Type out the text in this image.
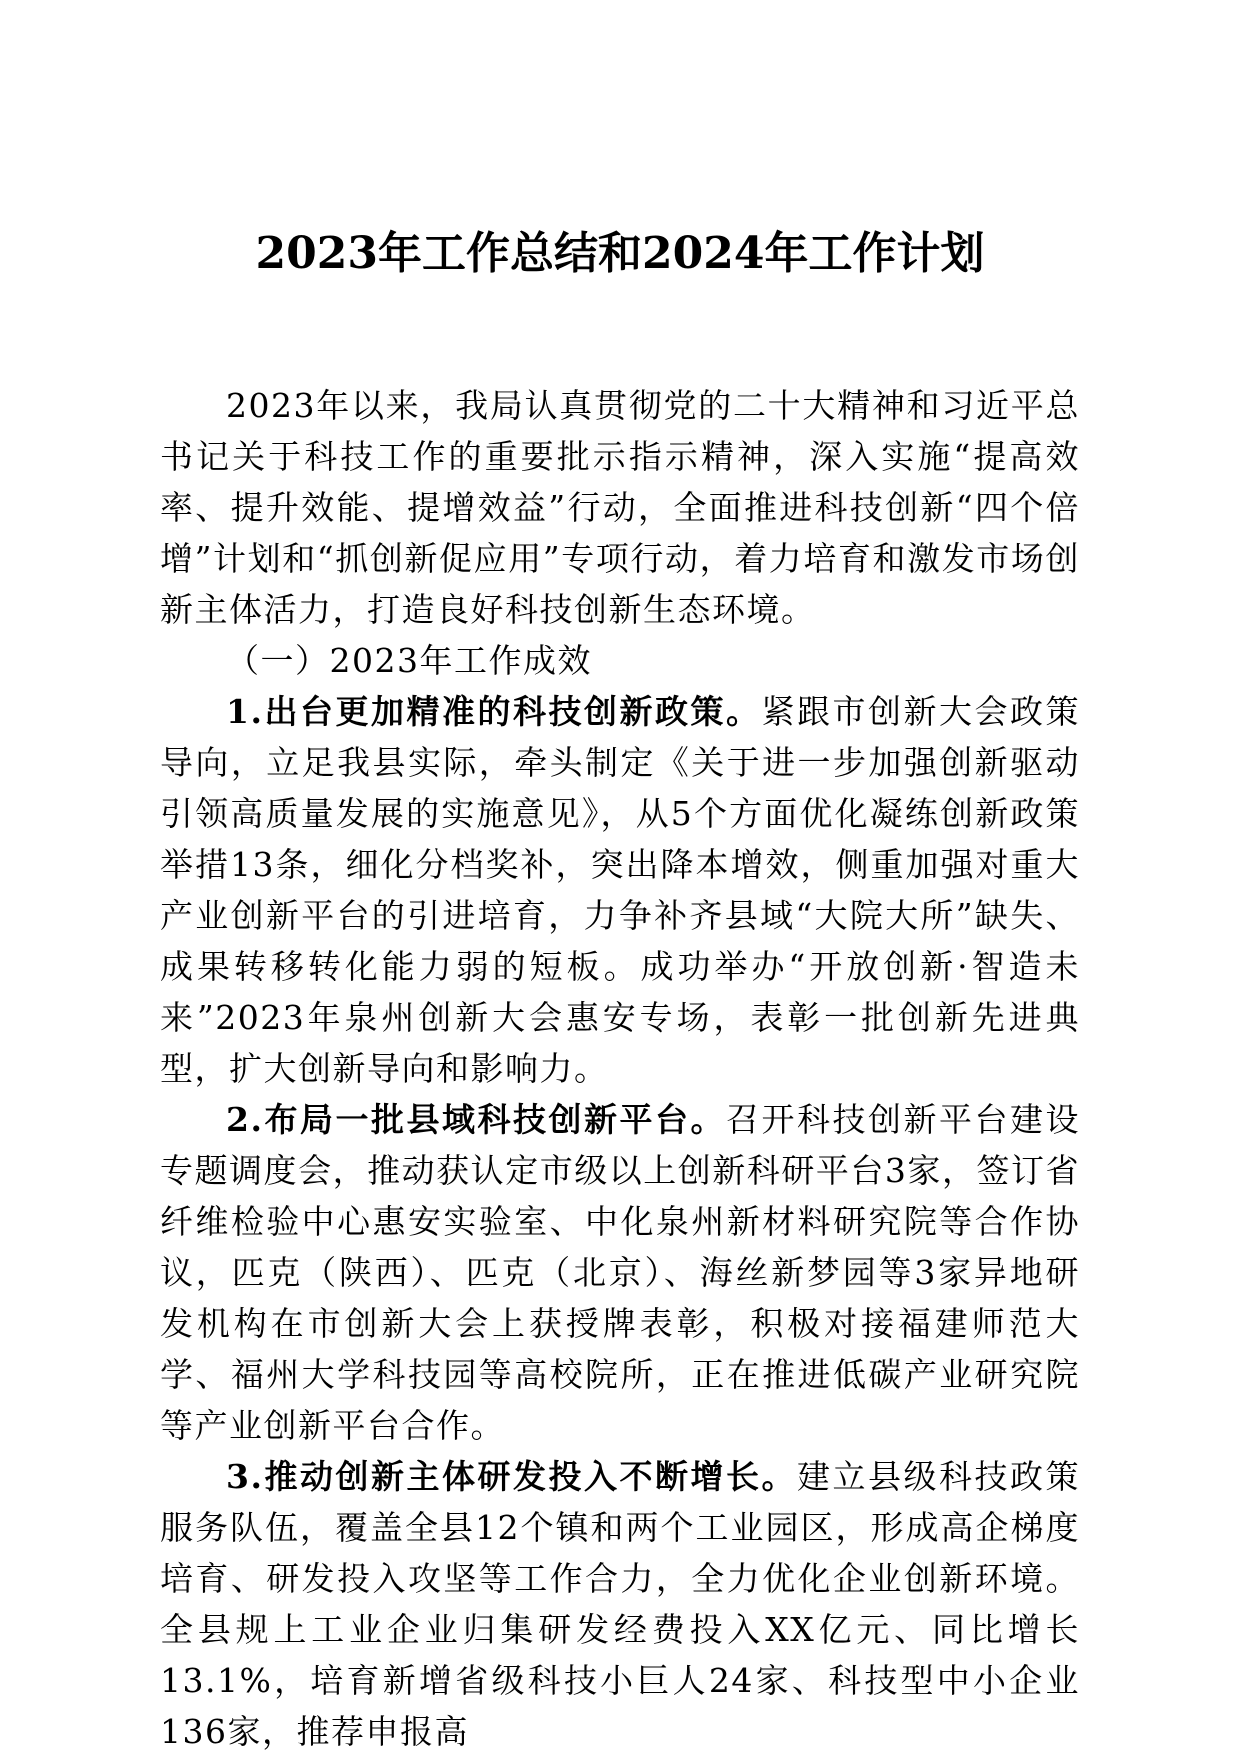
2023年工作总结和2024年工作计划

2023年以来，我局认真贯彻党的二十大精神和习近平总书记关于科技工作的重要批示指示精神，深入实施“提高效率、提升效能、提增效益”行动，全面推进科技创新“四个倍增”计划和“抓创新促应用”专项行动，着力培育和激发市场创新主体活力，打造良好科技创新生态环境。

（一）2023年工作成效

1.出台更加精准的科技创新政策。紧跟市创新大会政策导向，立足我县实际，牵头制定《关于进一步加强创新驱动引领高质量发展的实施意见》，从5个方面优化凝练创新政策举措13条，细化分档奖补，突出降本增效，侧重加强对重大产业创新平台的引进培育，力争补齐县域“大院大所”缺失、成果转移转化能力弱的短板。成功举办“开放创新·智造未来”2023年泉州创新大会惠安专场，表彰一批创新先进典型，扩大创新导向和影响力。

2.布局一批县域科技创新平台。召开科技创新平台建设专题调度会，推动获认定市级以上创新科研平台3家，签订省纤维检验中心惠安实验室、中化泉州新材料研究院等合作协议，匹克（陕西）、匹克（北京）、海丝新梦园等3家异地研发机构在市创新大会上获授牌表彰，积极对接福建师范大学、福州大学科技园等高校院所，正在推进低碳产业研究院等产业创新平台合作。

3.推动创新主体研发投入不断增长。建立县级科技政策服务队伍，覆盖全县12个镇和两个工业园区，形成高企梯度培育、研发投入攻坚等工作合力，全力优化企业创新环境。全县规上工业企业归集研发经费投入XX亿元、同比增长13.1%，培育新增省级科技小巨人24家、科技型中小企业136家，推荐申报高
